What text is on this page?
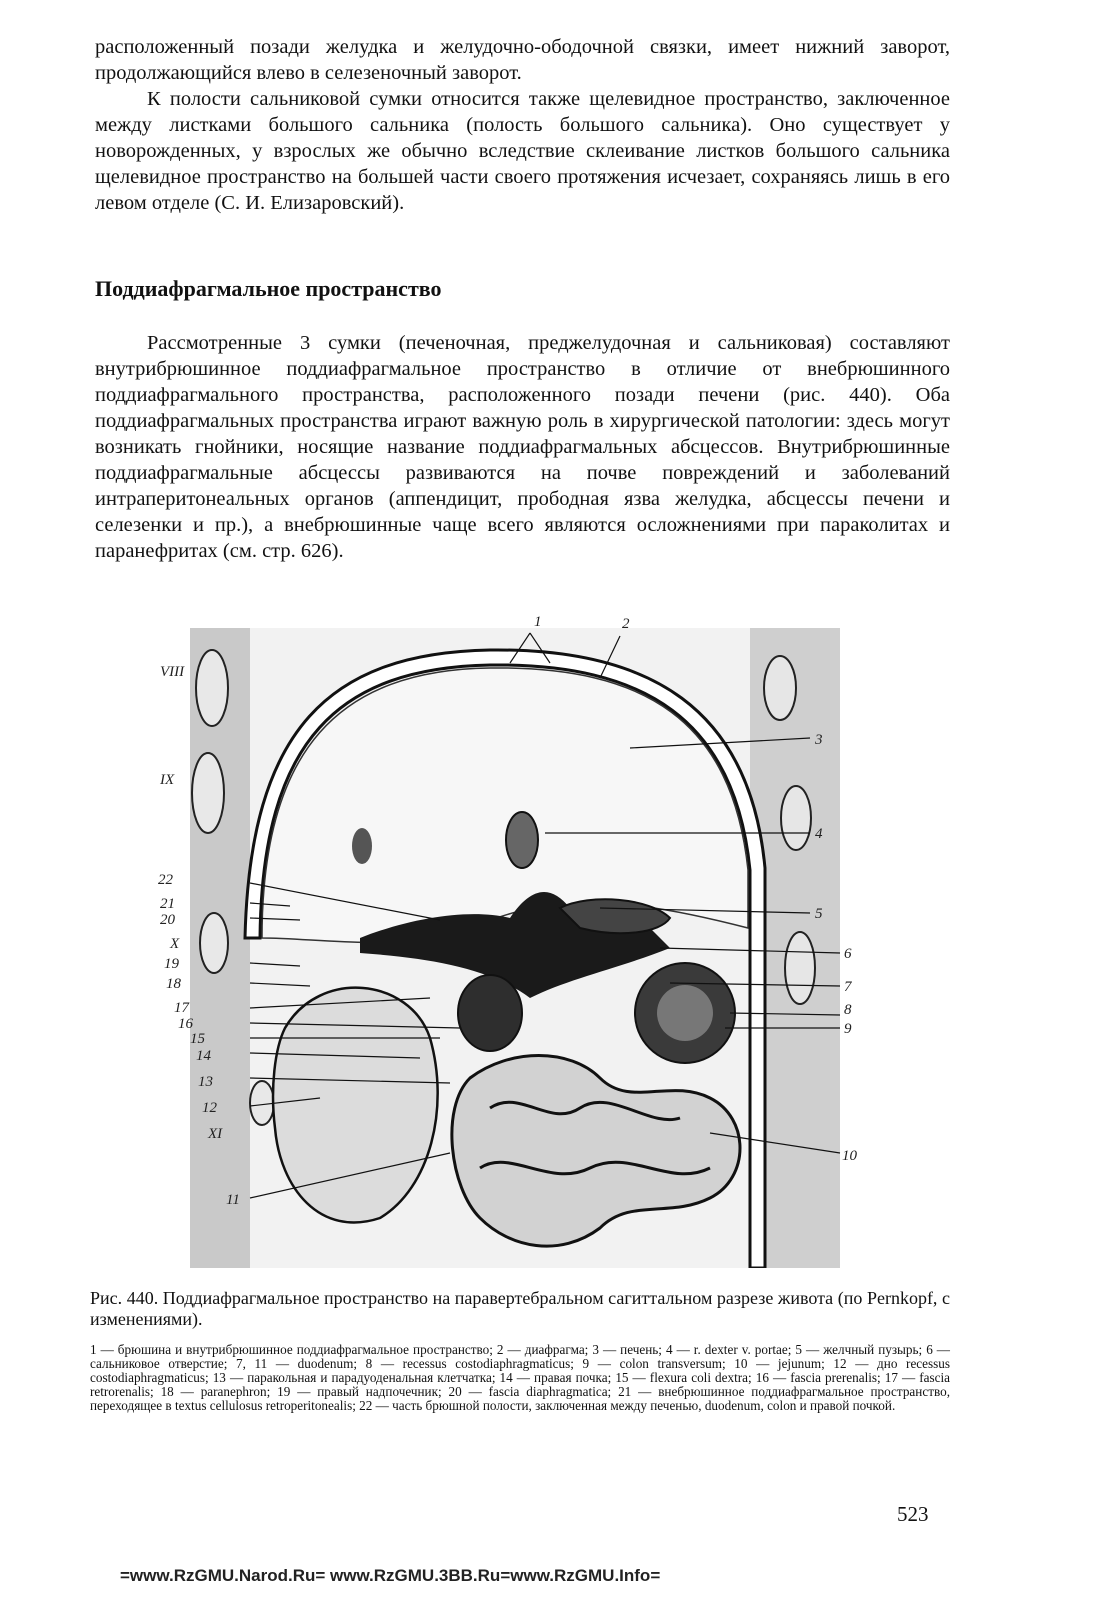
расположенный позади желудка и желудочно-ободочной связки, имеет нижний заворот, продолжающийся влево в селезеночный заворот.

К полости сальниковой сумки относится также щелевидное пространство, заключенное между листками большого сальника (полость большого сальника). Оно существует у новорожденных, у взрослых же обычно вследствие склеивание листков большого сальника щелевидное пространство на большей части своего протяжения исчезает, сохраняясь лишь в его левом отделе (С. И. Елизаровский).

Поддиафрагмальное пространство

Рассмотренные 3 сумки (печеночная, преджелудочная и сальниковая) составляют внутрибрюшинное поддиафрагмальное пространство в отличие от внебрюшинного поддиафрагмального пространства, расположенного позади печени (рис. 440). Оба поддиафрагмальных пространства играют важную роль в хирургической патологии: здесь могут возникать гнойники, носящие название поддиафрагмальных абсцессов. Внутрибрюшинные поддиафрагмальные абсцессы развиваются на почве повреждений и заболеваний интраперитонеальных органов (аппендицит, прободная язва желудка, абсцессы печени и селезенки и пр.), а внебрюшинные чаще всего являются осложнениями при параколитах и паранефритах (см. стр. 626).

1	2
3
4
5
6
7
8
9
10
11
12
13
14
15
16
17
18
19
20
21
22
VIII
IX
X
XI

Рис. 440. Поддиафрагмальное пространство на паравертебральном сагиттальном разрезе живота (по Pernkopf, с изменениями).

1 — брюшина и внутрибрюшинное поддиафрагмальное пространство; 2 — диафрагма; 3 — печень; 4 — r. dexter v. portae; 5 — желчный пузырь; 6 — сальниковое отверстие; 7, 11 — duodenum; 8 — recessus costodiaphragmaticus; 9 — colon transversum; 10 — jejunum; 12 — дно recessus costodiaphragmaticus; 13 — паракольная и парадуоденальная клетчатка; 14 — правая почка; 15 — flexura coli dextra; 16 — fascia prerenalis; 17 — fascia retrorenalis; 18 — paranephron; 19 — правый надпочечник; 20 — fascia diaphragmatica; 21 — внебрюшинное поддиафрагмальное пространство, переходящее в textus cellulosus retroperitonealis; 22 — часть брюшной полости, заключенная между печенью, duodenum, colon и правой почкой.

523
=www.RzGMU.Narod.Ru= www.RzGMU.3BB.Ru=www.RzGMU.Info=
